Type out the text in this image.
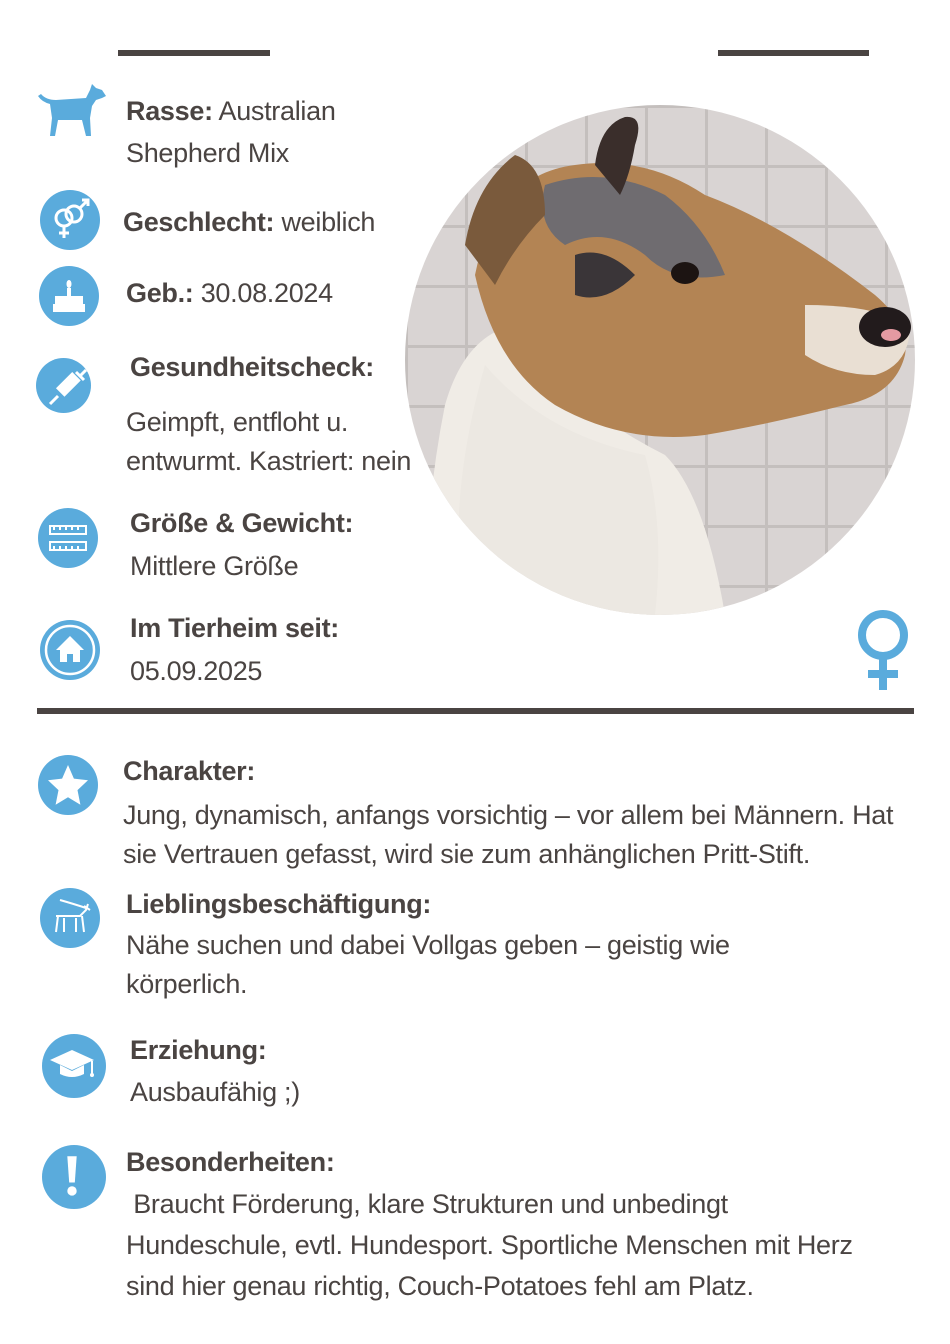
Rasse: Australian
Shepherd Mix
Geschlecht: weiblich
Geb.: 30.08.2024
Gesundheitscheck:
Geimpft, entfloht u.
entwurmt. Kastriert: nein
Größe & Gewicht:
Mittlere Größe
Im Tierheim seit:
05.09.2025
Charakter:
Jung, dynamisch, anfangs vorsichtig – vor allem bei Männern. Hat
sie Vertrauen gefasst, wird sie zum anhänglichen Pritt-Stift.
Lieblingsbeschäftigung:
Nähe suchen und dabei Vollgas geben – geistig wie
körperlich.
Erziehung:
Ausbaufähig ;)
Besonderheiten:
Braucht Förderung, klare Strukturen und unbedingt
Hundeschule, evtl. Hundesport. Sportliche Menschen mit Herz
sind hier genau richtig, Couch-Potatoes fehl am Platz.
